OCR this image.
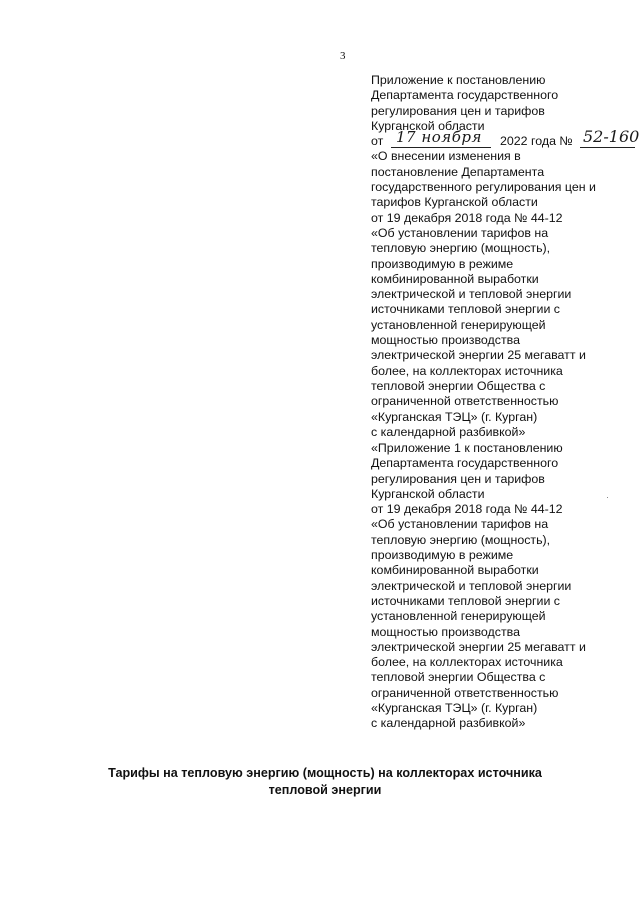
3
Приложение к постановлению
Департамента государственного
регулирования цен и тарифов
Курганской области
от 17 ноября 2022 года № 52-160
«О внесении изменения в
постановление Департамента
государственного регулирования цен и
тарифов Курганской области
от 19 декабря 2018 года № 44-12
«Об установлении тарифов на
тепловую энергию (мощность),
производимую в режиме
комбинированной выработки
электрической и тепловой энергии
источниками тепловой энергии с
установленной генерирующей
мощностью производства
электрической энергии 25 мегаватт и
более, на коллекторах источника
тепловой энергии Общества с
ограниченной ответственностью
«Курганская ТЭЦ» (г. Курган)
с календарной разбивкой»
«Приложение 1 к постановлению
Департамента государственного
регулирования цен и тарифов
Курганской области
от 19 декабря 2018 года № 44-12
«Об установлении тарифов на
тепловую энергию (мощность),
производимую в режиме
комбинированной выработки
электрической и тепловой энергии
источниками тепловой энергии с
установленной генерирующей
мощностью производства
электрической энергии 25 мегаватт и
более, на коллекторах источника
тепловой энергии Общества с
ограниченной ответственностью
«Курганская ТЭЦ» (г. Курган)
с календарной разбивкой»
Тарифы на тепловую энергию (мощность) на коллекторах источника
тепловой энергии
